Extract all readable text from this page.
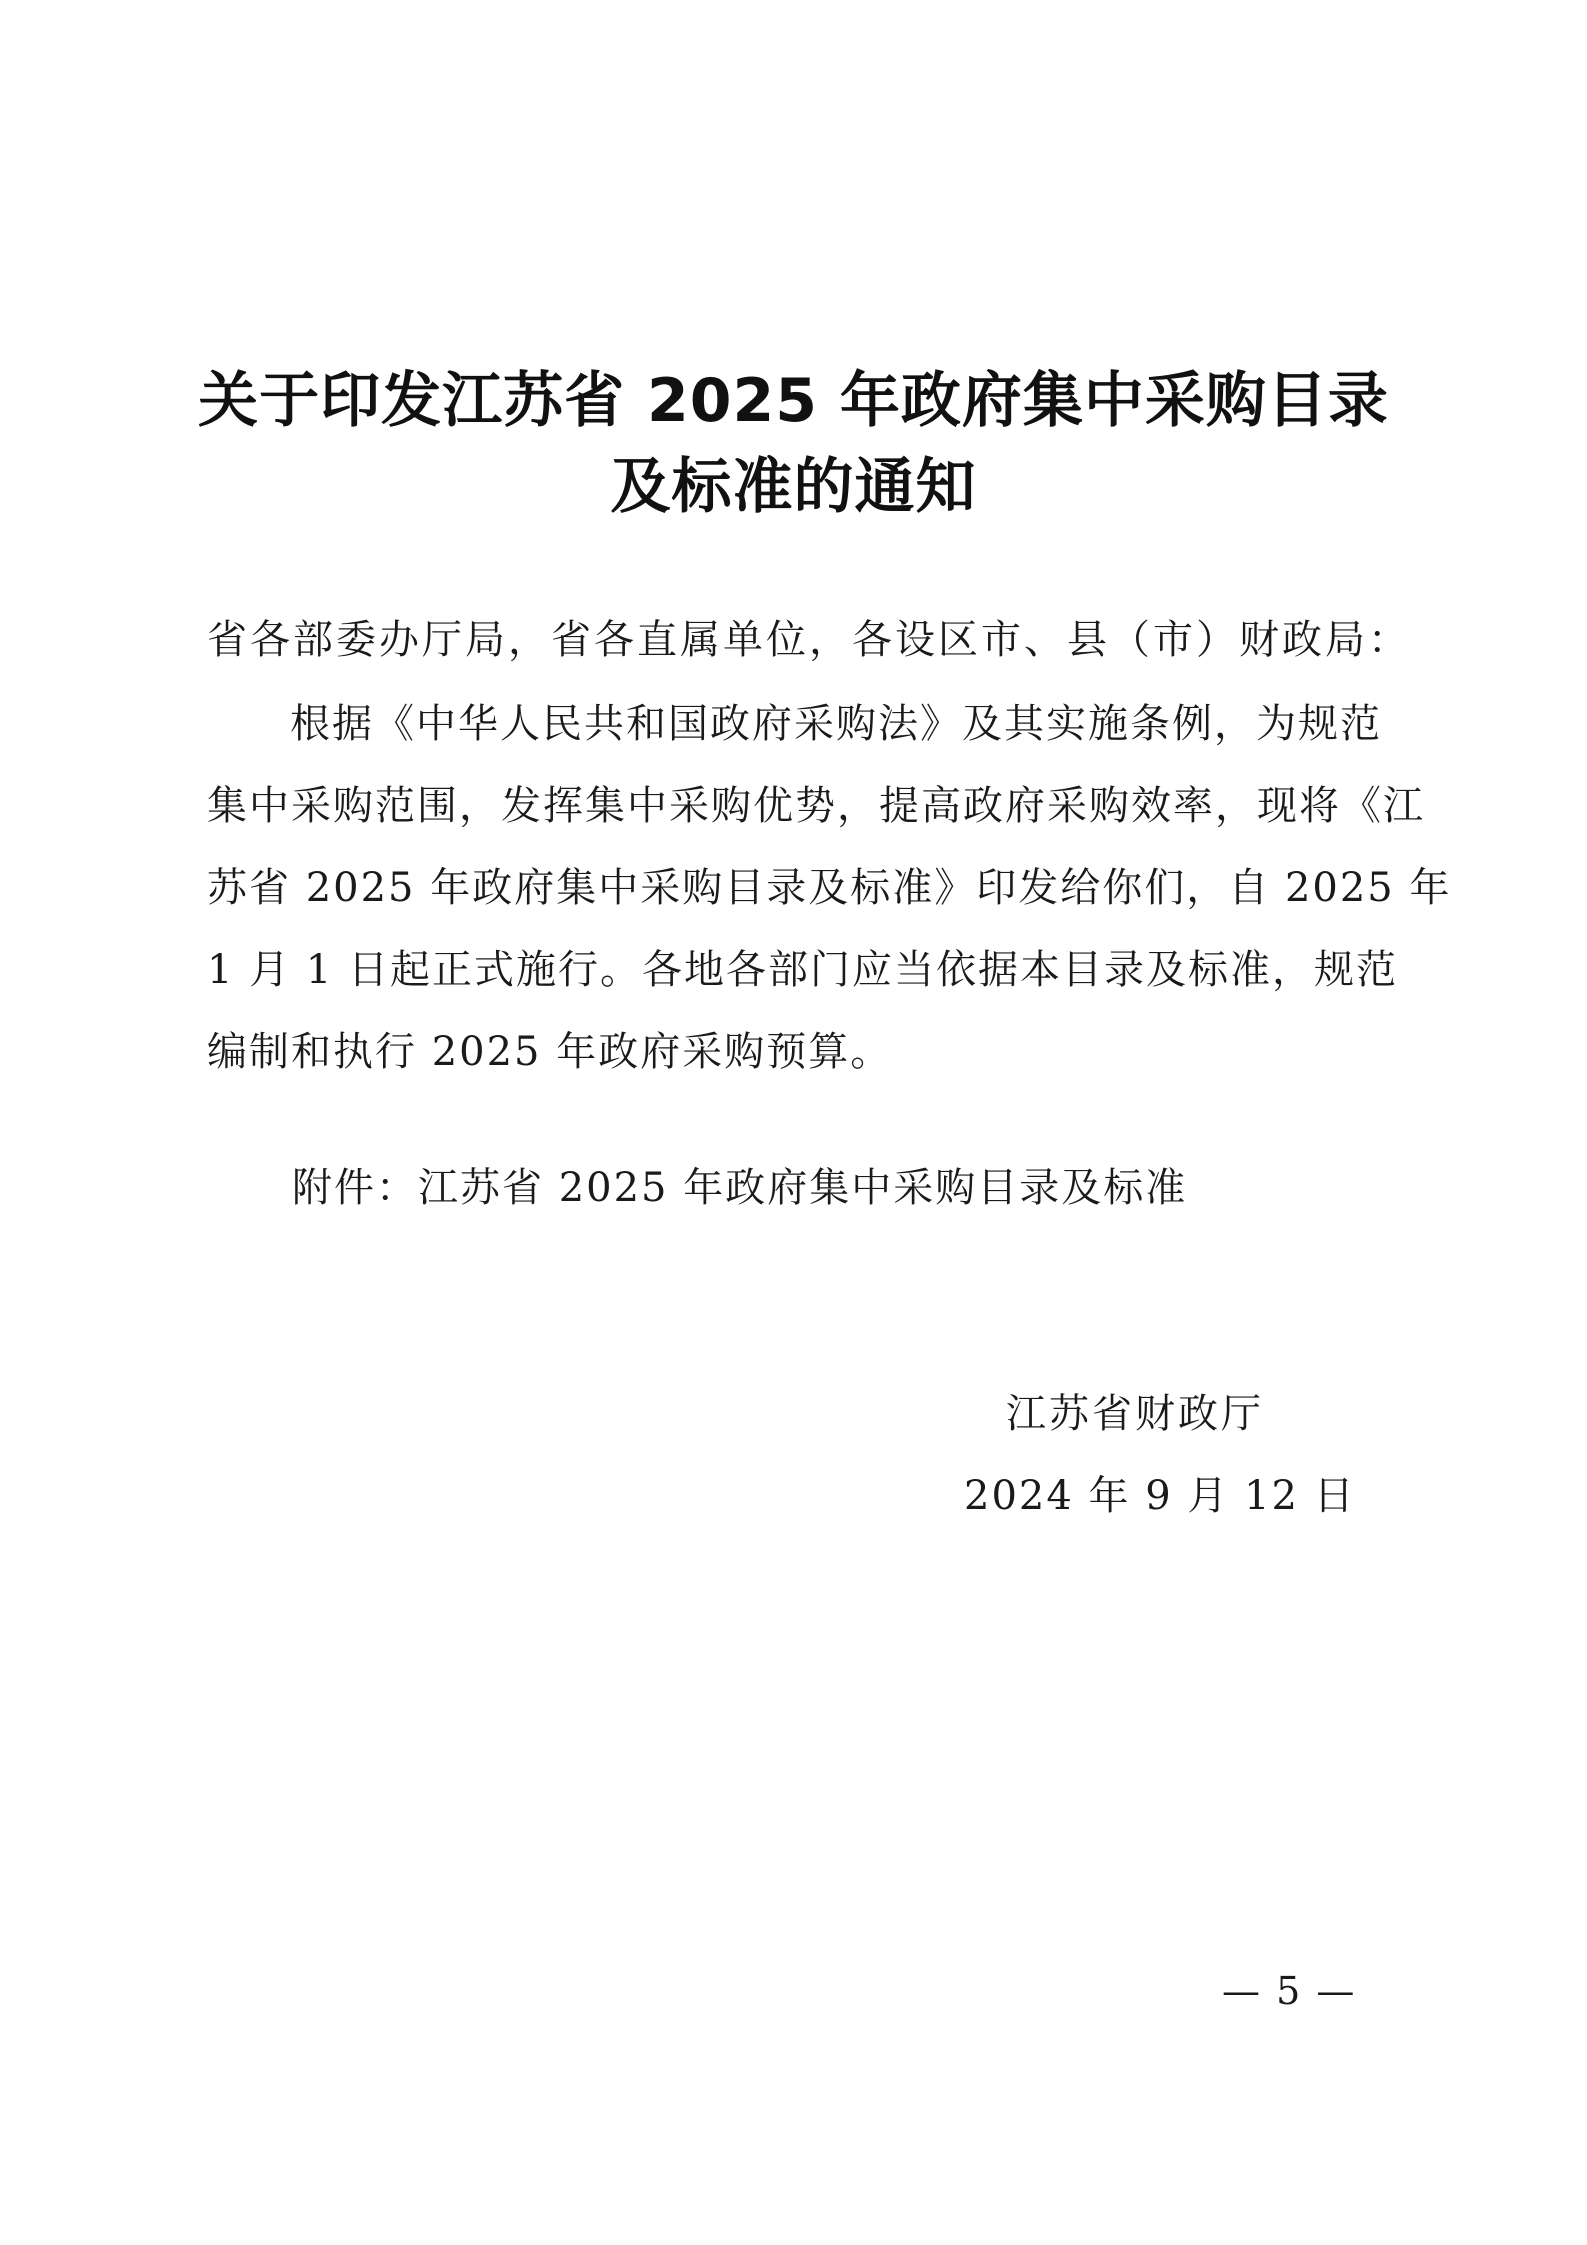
关于印发江苏省 2025 年政府集中采购目录
及标准的通知
省各部委办厅局，省各直属单位，各设区市、县（市）财政局：
根据《中华人民共和国政府采购法》及其实施条例，为规范
集中采购范围，发挥集中采购优势，提高政府采购效率，现将《江
苏省 2025 年政府集中采购目录及标准》印发给你们，自 2025 年
1 月 1 日起正式施行。各地各部门应当依据本目录及标准，规范
编制和执行 2025 年政府采购预算。
附件：江苏省 2025 年政府集中采购目录及标准
江苏省财政厅
2024 年 9 月 12 日
— 5 —
